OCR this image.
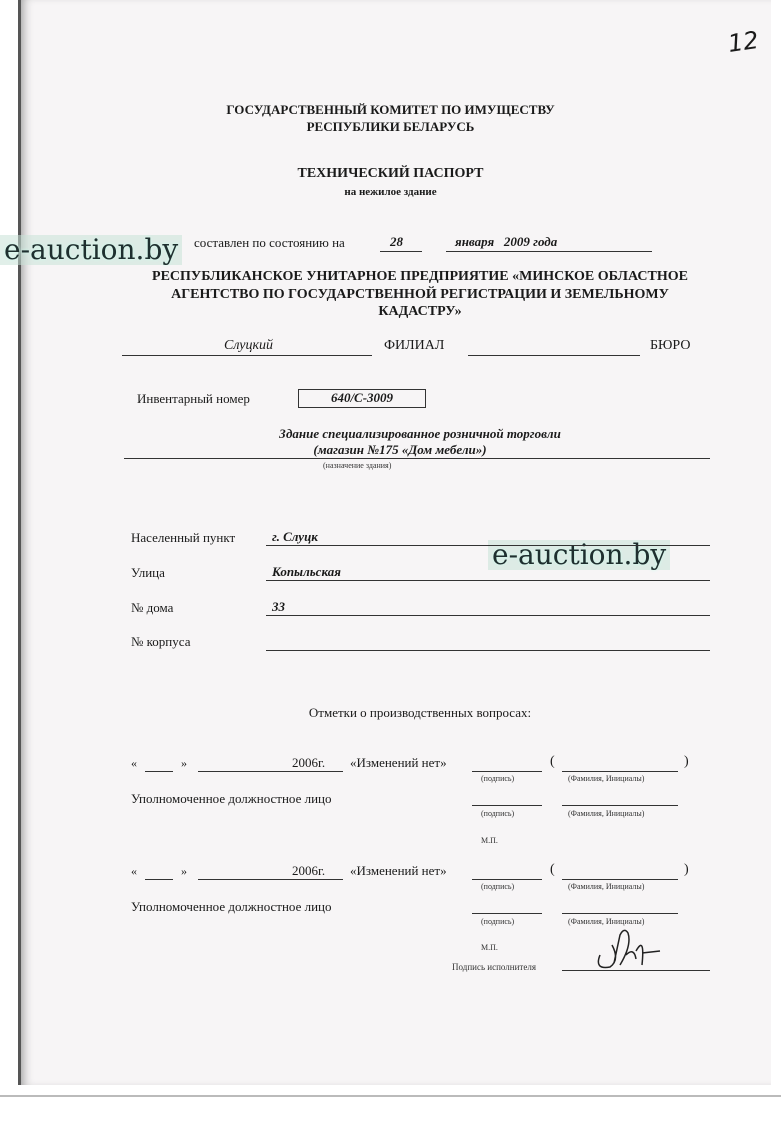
12
ГОСУДАРСТВЕННЫЙ КОМИТЕТ ПО ИМУЩЕСТВУ
РЕСПУБЛИКИ БЕЛАРУСЬ
ТЕХНИЧЕСКИЙ ПАСПОРТ
на нежилое здание
составлен по состоянию на	28	января   2009 года
РЕСПУБЛИКАНСКОЕ УНИТАРНОЕ ПРЕДПРИЯТИЕ «МИНСКОЕ ОБЛАСТНОЕ
АГЕНТСТВО ПО ГОСУДАРСТВЕННОЙ РЕГИСТРАЦИИ И ЗЕМЕЛЬНОМУ
КАДАСТРУ»
Слуцкий	ФИЛИАЛ	БЮРО
Инвентарный номер	640/С-3009
Здание специализированное розничной торговли
(магазин №175 «Дом мебели»)
(назначение здания)
Населенный пункт	г. Слуцк
Улица	Копыльская
№ дома	33
№ корпуса
Отметки о производственных вопросах:
«	»	2006г. «Изменений нет»	(	)
(подпись)	(Фамилия, Инициалы)
Уполномоченное должностное лицо
(подпись)	(Фамилия, Инициалы)
М.П.
«	»	2006г. «Изменений нет»	(	)
(подпись)	(Фамилия, Инициалы)
Уполномоченное должностное лицо
(подпись)	(Фамилия, Инициалы)
М.П.
Подпись исполнителя
e-auction.by
e-auction.by
